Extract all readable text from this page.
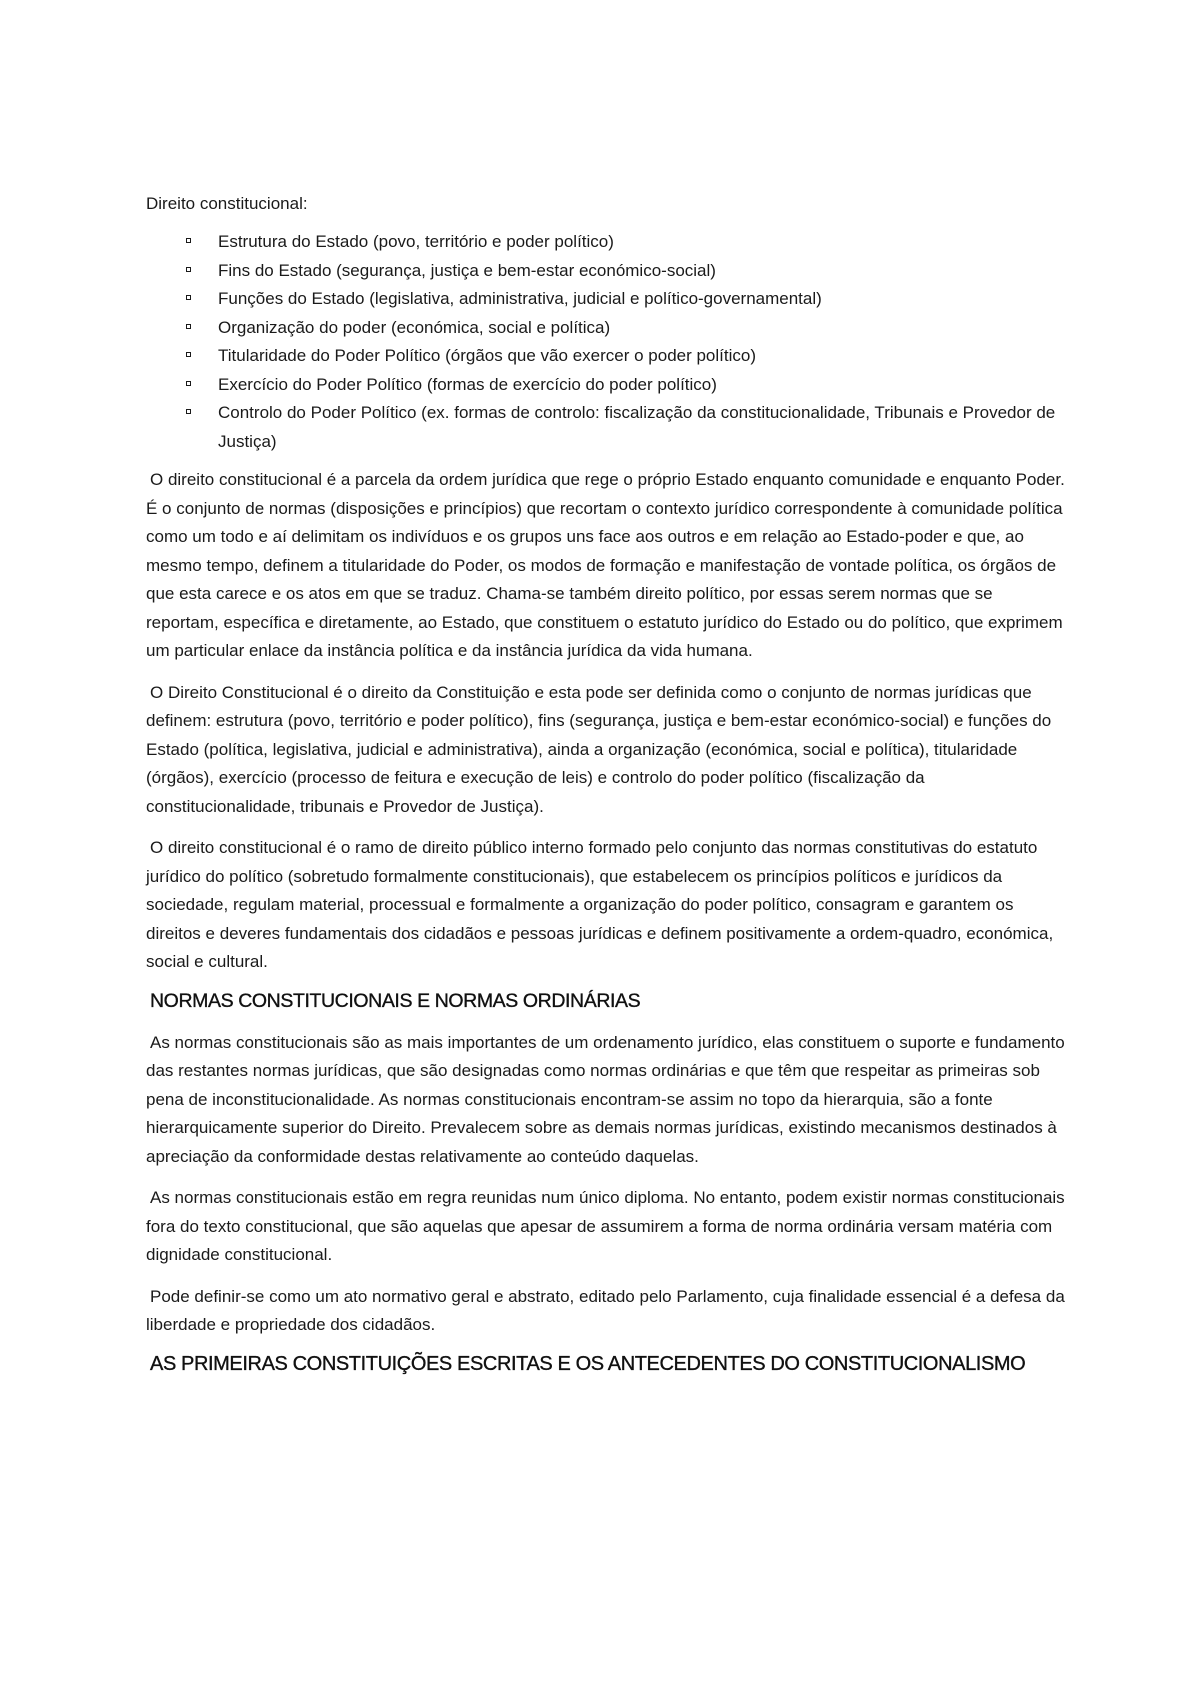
Direito constitucional:
Estrutura do Estado (povo, território e poder político)
Fins do Estado (segurança, justiça e bem-estar económico-social)
Funções do Estado (legislativa, administrativa, judicial e político-governamental)
Organização do poder (económica, social e política)
Titularidade do Poder Político (órgãos que vão exercer o poder político)
Exercício do Poder Político (formas de exercício do poder político)
Controlo do Poder Político (ex. formas de controlo: fiscalização da constitucionalidade, Tribunais e Provedor de Justiça)

O direito constitucional é a parcela da ordem jurídica que rege o próprio Estado enquanto comunidade e enquanto Poder. É o conjunto de normas (disposições e princípios) que recortam o contexto jurídico correspondente à comunidade política como um todo e aí delimitam os indivíduos e os grupos uns face aos outros e em relação ao Estado-poder e que, ao mesmo tempo, definem a titularidade do Poder, os modos de formação e manifestação de vontade política, os órgãos de que esta carece e os atos em que se traduz. Chama-se também direito político, por essas serem normas que se reportam, específica e diretamente, ao Estado, que constituem o estatuto jurídico do Estado ou do político, que exprimem um particular enlace da instância política e da instância jurídica da vida humana.

O Direito Constitucional é o direito da Constituição e esta pode ser definida como o conjunto de normas jurídicas que definem: estrutura (povo, território e poder político), fins (segurança, justiça e bem-estar económico-social) e funções do Estado (política, legislativa, judicial e administrativa), ainda a organização (económica, social e política), titularidade (órgãos), exercício (processo de feitura e execução de leis) e controlo do poder político (fiscalização da constitucionalidade, tribunais e Provedor de Justiça).

O direito constitucional é o ramo de direito público interno formado pelo conjunto das normas constitutivas do estatuto jurídico do político (sobretudo formalmente constitucionais), que estabelecem os princípios políticos e jurídicos da sociedade, regulam material, processual e formalmente a organização do poder político, consagram e garantem os direitos e deveres fundamentais dos cidadãos e pessoas jurídicas e definem positivamente a ordem-quadro, económica, social e cultural.

NORMAS CONSTITUCIONAIS E NORMAS ORDINÁRIAS

As normas constitucionais são as mais importantes de um ordenamento jurídico, elas constituem o suporte e fundamento das restantes normas jurídicas, que são designadas como normas ordinárias e que têm que respeitar as primeiras sob pena de inconstitucionalidade. As normas constitucionais encontram-se assim no topo da hierarquia, são a fonte hierarquicamente superior do Direito. Prevalecem sobre as demais normas jurídicas, existindo mecanismos destinados à apreciação da conformidade destas relativamente ao conteúdo daquelas.

As normas constitucionais estão em regra reunidas num único diploma. No entanto, podem existir normas constitucionais fora do texto constitucional, que são aquelas que apesar de assumirem a forma de norma ordinária versam matéria com dignidade constitucional.

Pode definir-se como um ato normativo geral e abstrato, editado pelo Parlamento, cuja finalidade essencial é a defesa da liberdade e propriedade dos cidadãos.

AS PRIMEIRAS CONSTITUIÇÕES ESCRITAS E OS ANTECEDENTES DO CONSTITUCIONALISMO
